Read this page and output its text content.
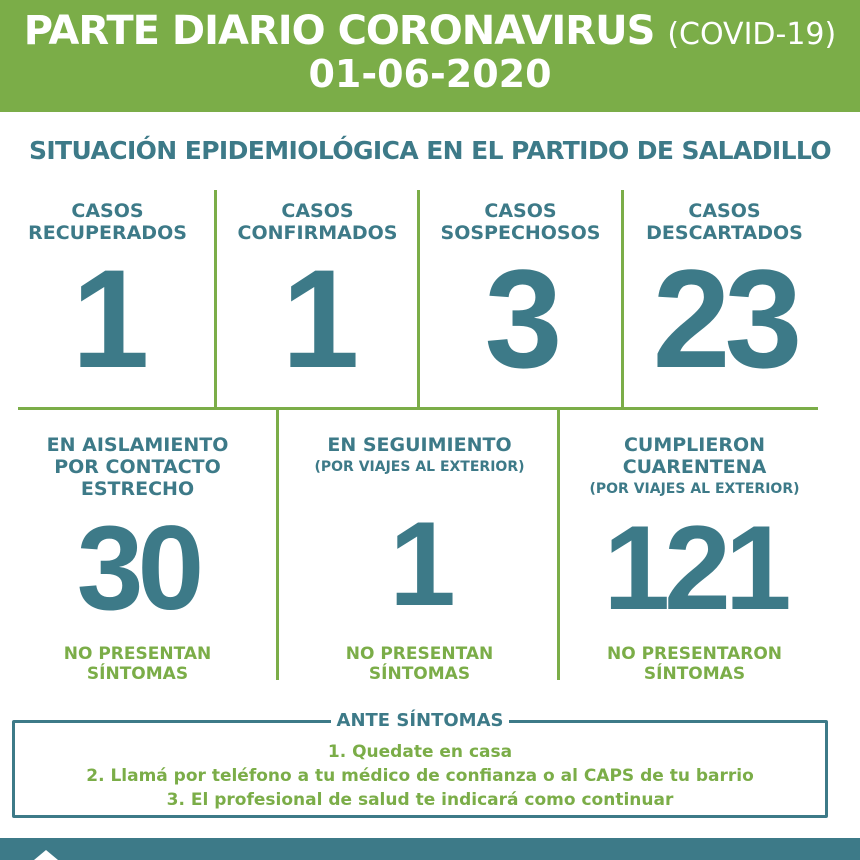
PARTE DIARIO CORONAVIRUS (COVID-19)
01-06-2020
SITUACIÓN EPIDEMIOLÓGICA EN EL PARTIDO DE SALADILLO
CASOS
RECUPERADOS
1
CASOS
CONFIRMADOS
1
CASOS
SOSPECHOSOS
3
CASOS
DESCARTADOS
23
EN AISLAMIENTO
POR CONTACTO
ESTRECHO
30
NO PRESENTAN
SÍNTOMAS
EN SEGUIMIENTO
(POR VIAJES AL EXTERIOR)
1
NO PRESENTAN
SÍNTOMAS
CUMPLIERON
CUARENTENA
(POR VIAJES AL EXTERIOR)
121
NO PRESENTARON
SÍNTOMAS
ANTE SÍNTOMAS
1. Quedate en casa
2. Llamá por teléfono a tu médico de confianza o al CAPS de tu barrio
3. El profesional de salud te indicará como continuar
